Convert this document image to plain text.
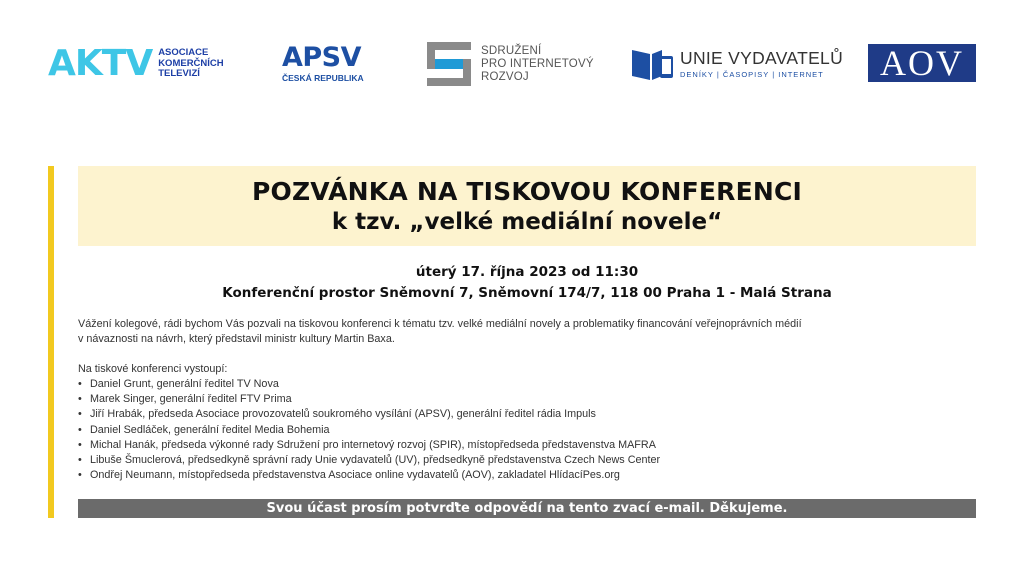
AKTV ASOCIACE
KOMERČNÍCH
TELEVIZÍ
APSV
ČESKÁ REPUBLIKA
SDRUŽENÍ
PRO INTERNETOVÝ
ROZVOJ
UNIE VYDAVATELŮ
DENÍKY | ČASOPISY | INTERNET	AOV
POZVÁNKA NA TISKOVOU KONFERENCI
k tzv. „velké mediální novele“
úterý 17. října 2023 od 11:30
Konferenční prostor Sněmovní 7, Sněmovní 174/7, 118 00 Praha 1 - Malá Strana
Vážení kolegové, rádi bychom Vás pozvali na tiskovou konferenci k tématu tzv. velké mediální novely a problematiky financování veřejnoprávních médií
v návaznosti na návrh, který představil ministr kultury Martin Baxa.
Na tiskové konferenci vystoupí:
• Daniel Grunt, generální ředitel TV Nova
• Marek Singer, generální ředitel FTV Prima
• Jiří Hrabák, předseda Asociace provozovatelů soukromého vysílání (APSV), generální ředitel rádia Impuls
• Daniel Sedláček, generální ředitel Media Bohemia
• Michal Hanák, předseda výkonné rady Sdružení pro internetový rozvoj (SPIR), místopředseda představenstva MAFRA
• Libuše Šmuclerová, předsedkyně správní rady Unie vydavatelů (UV), předsedkyně představenstva Czech News Center
• Ondřej Neumann, místopředseda představenstva Asociace online vydavatelů (AOV), zakladatel HlídacíPes.org
Svou účast prosím potvrďte odpovědí na tento zvací e-mail. Děkujeme.
